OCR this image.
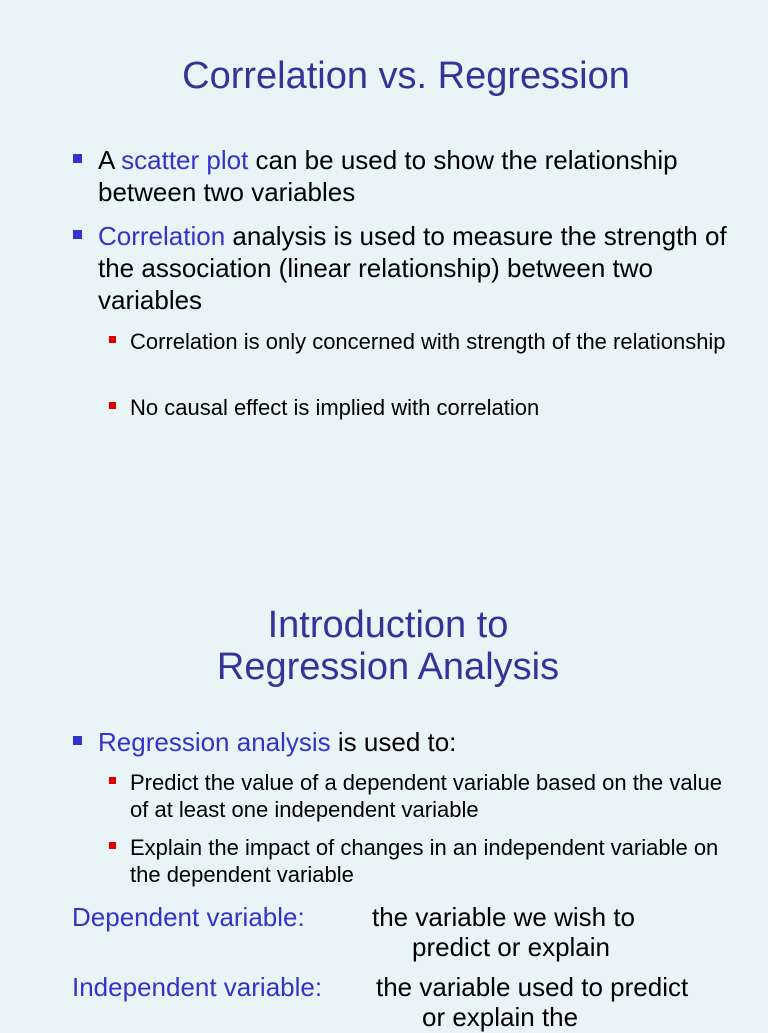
Correlation vs. Regression
A scatter plot can be used to show the relationship between two variables
Correlation analysis is used to measure the strength of the association (linear relationship) between two variables
Correlation is only concerned with strength of the relationship
No causal effect is implied with correlation
Introduction to
Regression Analysis
Regression analysis is used to:
Predict the value of a dependent variable based on the value of at least one independent variable
Explain the impact of changes in an independent variable on the dependent variable
Dependent variable:	the variable we wish to
predict or explain
Independent variable: the variable used to predict
or explain the
